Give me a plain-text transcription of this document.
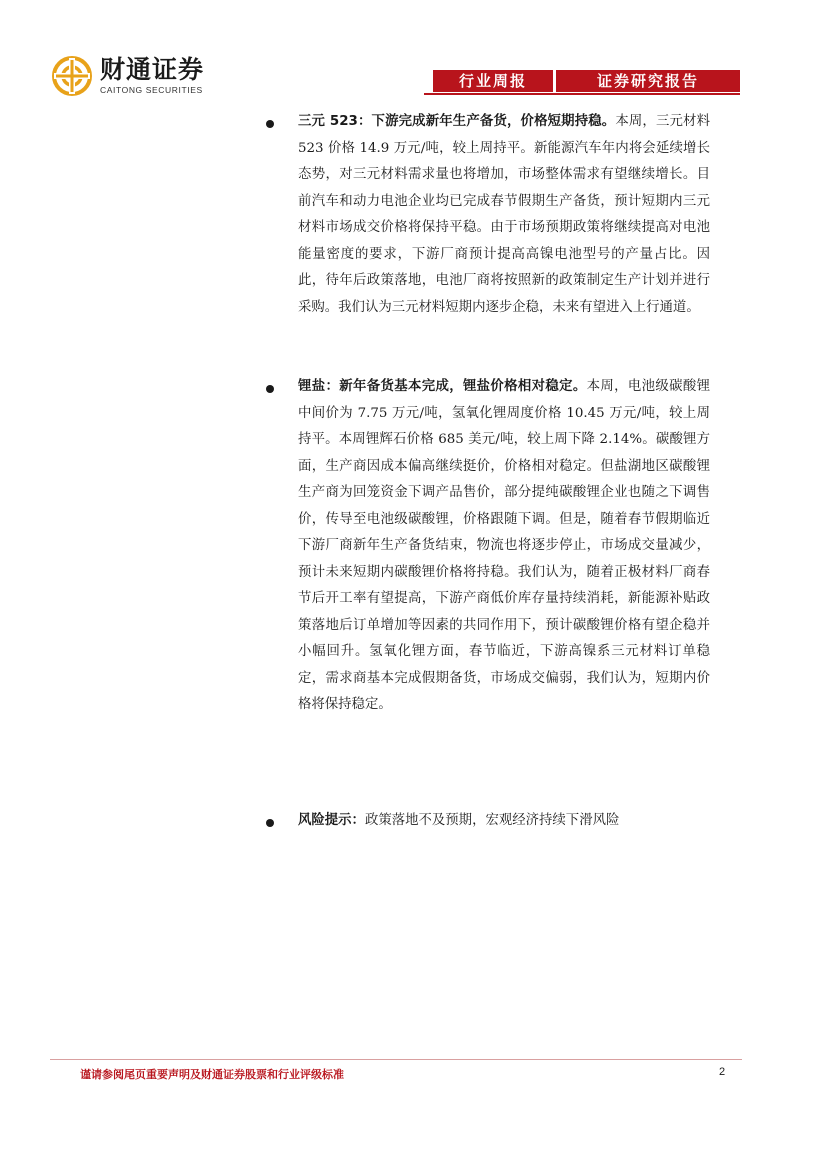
财通证券
CAITONG SECURITIES	行业周报	证券研究报告
三元 523：下游完成新年生产备货，价格短期持稳。本周，三元材料 523 价格 14.9 万元/吨，较上周持平。新能源汽车年内将会延续增长态势，对三元材料需求量也将增加，市场整体需求有望继续增长。目前汽车和动力电池企业均已完成春节假期生产备货，预计短期内三元材料市场成交价格将保持平稳。由于市场预期政策将继续提高对电池能量密度的要求，下游厂商预计提高高镍电池型号的产量占比。因此，待年后政策落地，电池厂商将按照新的政策制定生产计划并进行采购。我们认为三元材料短期内逐步企稳，未来有望进入上行通道。
锂盐：新年备货基本完成，锂盐价格相对稳定。本周，电池级碳酸锂中间价为 7.75 万元/吨，氢氧化锂周度价格 10.45 万元/吨，较上周持平。本周锂辉石价格 685 美元/吨，较上周下降 2.14%。碳酸锂方面，生产商因成本偏高继续挺价，价格相对稳定。但盐湖地区碳酸锂生产商为回笼资金下调产品售价，部分提纯碳酸锂企业也随之下调售价，传导至电池级碳酸锂，价格跟随下调。但是，随着春节假期临近下游厂商新年生产备货结束，物流也将逐步停止，市场成交量减少，预计未来短期内碳酸锂价格将持稳。我们认为，随着正极材料厂商春节后开工率有望提高，下游产商低价库存量持续消耗，新能源补贴政策落地后订单增加等因素的共同作用下，预计碳酸锂价格有望企稳并小幅回升。氢氧化锂方面，春节临近，下游高镍系三元材料订单稳定，需求商基本完成假期备货，市场成交偏弱，我们认为，短期内价格将保持稳定。
风险提示：政策落地不及预期，宏观经济持续下滑风险
谨请参阅尾页重要声明及财通证券股票和行业评级标准	2
